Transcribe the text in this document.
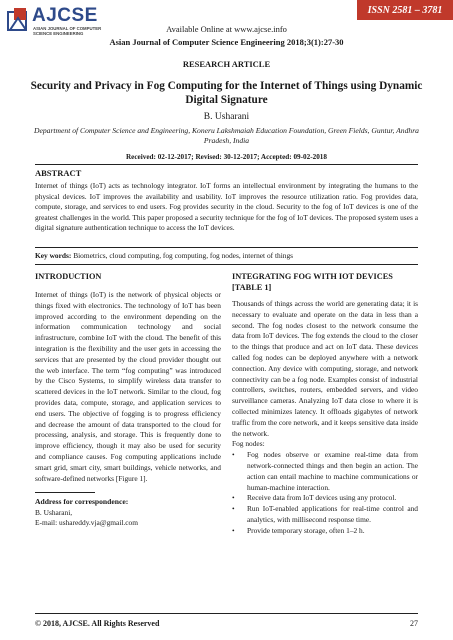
ISSN 2581 – 3781
AJCSE
ASIAN JOURNAL OF COMPUTER SCIENCE ENGINEERING	Available Online at www.ajcse.info
Asian Journal of Computer Science Engineering 2018;3(1):27-30
RESEARCH ARTICLE
Security and Privacy in Fog Computing for the Internet of Things using Dynamic Digital Signature
B. Usharani
Department of Computer Science and Engineering, Koneru Lakshmaiah Education Foundation, Green Fields, Guntur, Andhra Pradesh, India
Received: 02-12-2017; Revised: 30-12-2017; Accepted: 09-02-2018
ABSTRACT
Internet of things (IoT) acts as technology integrator. IoT forms an intellectual environment by integrating the humans to the physical devices. IoT improves the availability and usability. IoT improves the resource utilization ratio. Fog provides data, compute, storage, and services to end users. Fog provides security in the cloud. Security to the fog of IoT devices is one of the greatest challenges in the world. This paper proposed a security technique for the fog of IoT devices. The proposed system uses a digital signature authentication technique to access the IoT devices.
Key words: Biometrics, cloud computing, fog computing, fog nodes, internet of things
INTRODUCTION

Internet of things (IoT) is the network of physical objects or things fixed with electronics. The technology of IoT has been improved according to the environment depending on the information communication technology and social infrastructure, combine IoT with the cloud. The benefit of this integration is the flexibility and the user gets in accessing the services that are presented by the cloud provider thought out the web interface. The term “fog computing” was introduced by the Cisco Systems, to simplify wireless data transfer to scattered devices in the IoT network. Similar to the cloud, fog provides data, compute, storage, and application services to end users. The objective of fogging is to progress efficiency and decrease the amount of data transported to the cloud for processing, analysis, and storage. This is frequently done to improve efficiency, though it may also be used for security and compliance causes. Fog computing applications include smart grid, smart city, smart buildings, vehicle networks, and software-defined networks [Figure 1].

Address for correspondence:
B. Usharani,
E-mail: ushareddy.vja@gmail.com
INTEGRATING FOG WITH IOT DEVICES [TABLE 1]

Thousands of things across the world are generating data; it is necessary to evaluate and operate on the data in less than a second. The fog nodes closest to the network consume the data from IoT devices. The fog extends the cloud to the closer to the things that produce and act on IoT data. These devices called fog nodes can be deployed anywhere with a network connection. Any device with computing, storage, and network connectivity can be a fog node. Examples consist of industrial controllers, switches, routers, embedded servers, and video surveillance cameras. Analyzing IoT data close to where it is collected minimizes latency. It offloads gigabytes of network traffic from the core network, and it keeps sensitive data inside the network.

Fog nodes:
• Fog nodes observe or examine real-time data from network-connected things and then begin an action. The action can entail machine to machine communications or human-machine interaction.
• Receive data from IoT devices using any protocol.
• Run IoT-enabled applications for real-time control and analytics, with millisecond response time.
• Provide temporary storage, often 1–2 h.
© 2018, AJCSE. All Rights Reserved	27
